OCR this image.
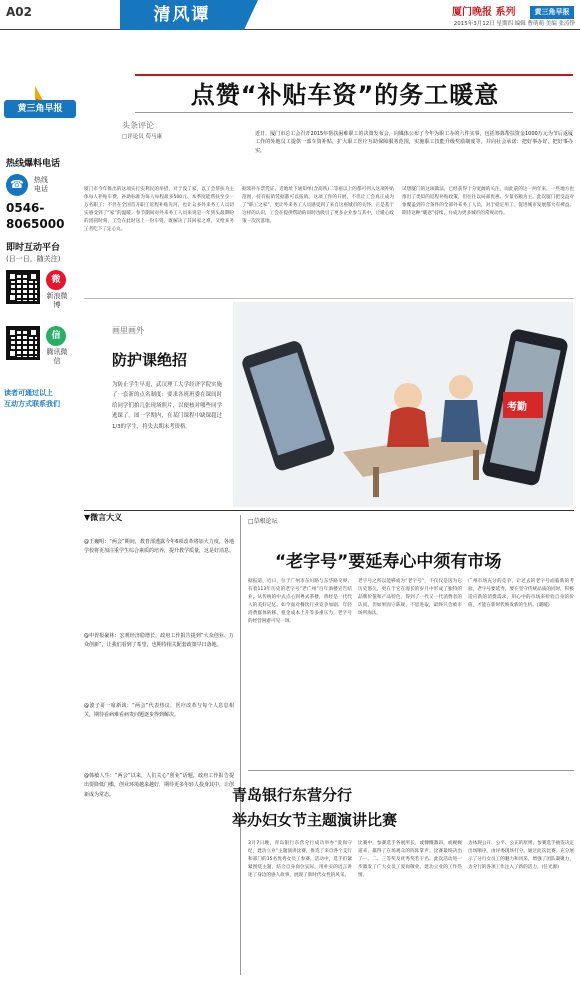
A02	清风谭	厦门晚报 系列	黄三角早报
2015年3月12日 星期四 编辑 曹萌萌 美编 张涛铮
黄三角早报
热线爆料电话
☎	热线电话
0546-8065000
即时互动平台
(日一日，随关注)
微
新浪微博
信
腾讯微信
读者可通过以上
互动方式联系我们
点赞“补贴车资”的务工暖意
头条评论
□评论员 苟马康	近日，厦门市总工会召开2015年帮扶困难职工的决策发布会，向媒体公布了今年为职工办的六件实事，包括筹募帮扶资金1000万元为节后返厦工作的外地员工提供一部车资补贴，扩大职工医疗互助保障服务范围，实施职工技能升级奖励制度等。并向社会承诺：把好事办好，把好事办实。
厦门市今年推出的这项实打实利民的举措，对于没了家，以工会帮扶为主体每人补贴车费，补助标准为每人每程最多500元、本季度能帮扶至少一万名职工；不但在全国首开职工返程补贴先河，也让众多外来务工人员切实感受到了“家”的温暖。春节期间对外来务工人员来说是一年到头最期盼的团圆时刻，工会在此时送上一份车资，既解决了其回家之难，又给来务工者吃下了定心丸。
据领补车票凭证、近地址下通知单(含高铁)二等座以上的都可列入这项补贴范围，持有报销凭据都可以报销。这项工作的开展，不但让工会真正成为了“职工之家”，更让外来务工人员感受到了来自这座城市的关怀。正是基于这样的认识，工会在提供帮助的同时也吸引了更多企业参与其中，让暖心政策一次次落地。
试想厦门的这项做法，已经获得十分宽阔的关注，而此前的这一两年来，一些地方也推出了类似的返程补贴政策，但往往以局部优惠、少量名额为主。此次厦门把受益对象覆盖到符合条件的全部外来务工人员，对于稳定用工、促进城市发展都大有裨益。期待这种“暖意”持续，并成为更多城市的常规动作。
画里画外
防护课绝招
为防止学生早退，武汉理工大学经济学院实施了一套新的点名制度：要求各班班委在课间时给同学们拍几张现场照片，以便核对哪些同学逃课了。图一学期内，在某门课程中缺课超过1/3的学生，将失去期末考资格。
考勤
▼微言大义
@王巍明：“两会”期间，教育部透露今年6项改革将加大力度，各地学校将更加注重学生综合素质的培养，提升教学质量，这是好消息。
@申胃报豪林：宏观经济稳增长，政府工作报告提到“大众创业、万众创新”，让我们看到了希望，也期待相关配套政策早日落地。
@波子哥一席新谈：“两会”代表热议，医疗改革与每个人息息相关，期待看病难看病贵问题逐步得到解决。
@韩敏人生：“两会”以来，人们关心“创业”话题，政府工作报告提出要降低门槛，创业环境越来越好，期待更多年轻人投身其中，让创新成为常态。
□草根论坛
“老字号”要延寿心中须有市场
据报道，近日，位于广州市东川路与东华路交界、有着113年历史的老字号“老广州”百年酒楼宣告结业。从传统的中式点心到粤式茶楼，曾经是一代代人的美好记忆。如今面对餐饮行业竞争加剧、年轻消费群体转移、租金成本上升等多重压力，老字号的经营困难可见一斑。
老字号之所以能够成为“老字号”，不仅仅是因为它历史悠久，更在于它在漫长的岁月中形成了独特的品牌价值和产品特色，得到了一代又一代消费者的认同。但如果固守陈规，不思进取，最终只会被市场所淘汰。
广州市场充分的竞争，让过去的老字号面临新的考验。老字号要延寿，要在坚守传统品质的同时，积极适应新的消费需求，用心中的市场来检验自身的价值，才能在新时代焕发新的生机。(暖暖)
青岛银行东营分行
举办妇女节主题演讲比赛
3月7日晚，青岛银行东营分行成功举办“爱岗守纪，建功立业”主题演讲比赛，推选了来自各个支行和部门的15名优秀女员工参赛。活动中，选手们紧紧围绕主题，结合自身岗位实际，用朴实的语言讲述了身边的感人故事，展现了新时代女性的风采。
比赛中，参赛选手各展所长，或慷慨激昂，或娓娓道来，赢得了在场观众的阵阵掌声。比赛最终决出了一、二、三等奖及优秀奖若干名。此次活动进一步激发了广大女员工爱岗敬业、建功立业的工作热情。
为体现公开、公平、公正的原则，参赛选手抽签决定出场顺序，由评委现场打分。通过此次比赛，充分展示了分行女员工的魅力和风采，增强了团队凝聚力，为分行的各项工作注入了新的活力。(任光源)
